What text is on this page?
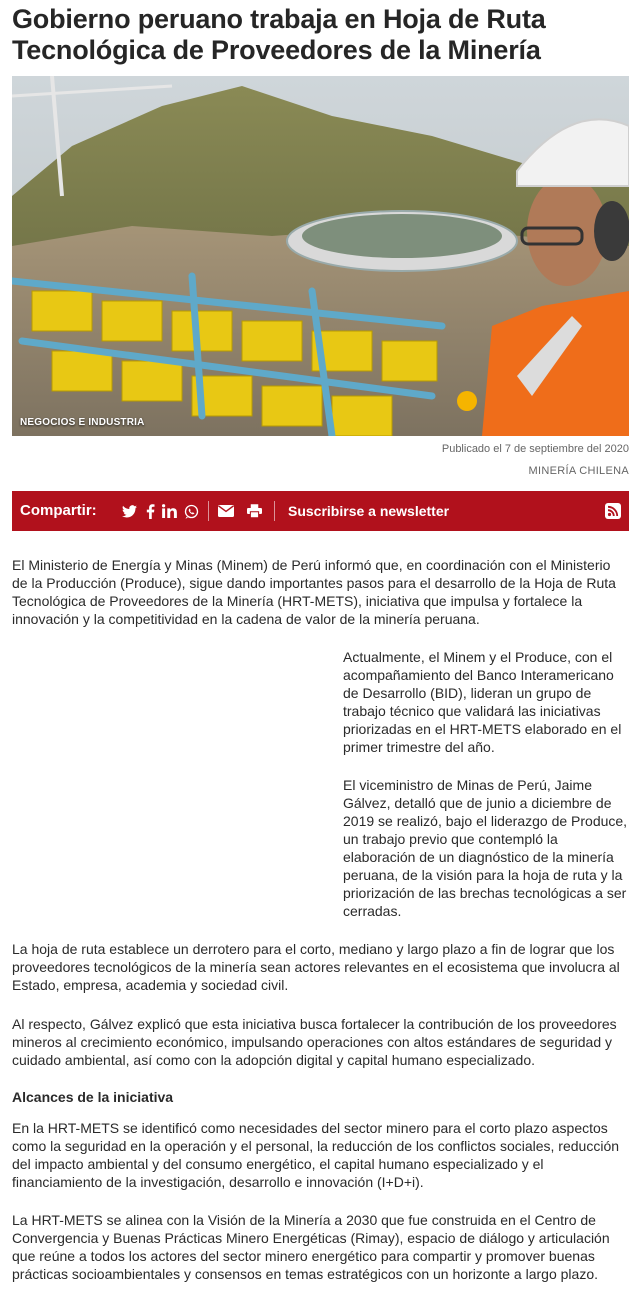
Gobierno peruano trabaja en Hoja de Ruta Tecnológica de Proveedores de la Minería
NEGOCIOS E INDUSTRIA
Publicado el 7 de septiembre del 2020
MINERÍA CHILENA
Compartir:	Suscribirse a newsletter

El Ministerio de Energía y Minas (Minem) de Perú informó que, en coordinación con el Ministerio de la Producción (Produce), sigue dando importantes pasos para el desarrollo de la Hoja de Ruta Tecnológica de Proveedores de la Minería (HRT-METS), iniciativa que impulsa y fortalece la innovación y la competitividad en la cadena de valor de la minería peruana.

Actualmente, el Minem y el Produce, con el acompañamiento del Banco Interamericano de Desarrollo (BID), lideran un grupo de trabajo técnico que validará las iniciativas priorizadas en el HRT-METS elaborado en el primer trimestre del año.

El viceministro de Minas de Perú, Jaime Gálvez, detalló que de junio a diciembre de 2019 se realizó, bajo el liderazgo de Produce, un trabajo previo que contempló la elaboración de un diagnóstico de la minería peruana, de la visión para la hoja de ruta y la priorización de las brechas tecnológicas a ser cerradas.

La hoja de ruta establece un derrotero para el corto, mediano y largo plazo a fin de lograr que los proveedores tecnológicos de la minería sean actores relevantes en el ecosistema que involucra al Estado, empresa, academia y sociedad civil.

Al respecto, Gálvez explicó que esta iniciativa busca fortalecer la contribución de los proveedores mineros al crecimiento económico, impulsando operaciones con altos estándares de seguridad y cuidado ambiental, así como con la adopción digital y capital humano especializado.

Alcances de la iniciativa

En la HRT-METS se identificó como necesidades del sector minero para el corto plazo aspectos como la seguridad en la operación y el personal, la reducción de los conflictos sociales, reducción del impacto ambiental y del consumo energético, el capital humano especializado y el financiamiento de la investigación, desarrollo e innovación (I+D+i).

La HRT-METS se alinea con la Visión de la Minería a 2030 que fue construida en el Centro de Convergencia y Buenas Prácticas Minero Energéticas (Rimay), espacio de diálogo y articulación que reúne a todos los actores del sector minero energético para compartir y promover buenas prácticas socioambientales y consensos en temas estratégicos con un horizonte a largo plazo.
